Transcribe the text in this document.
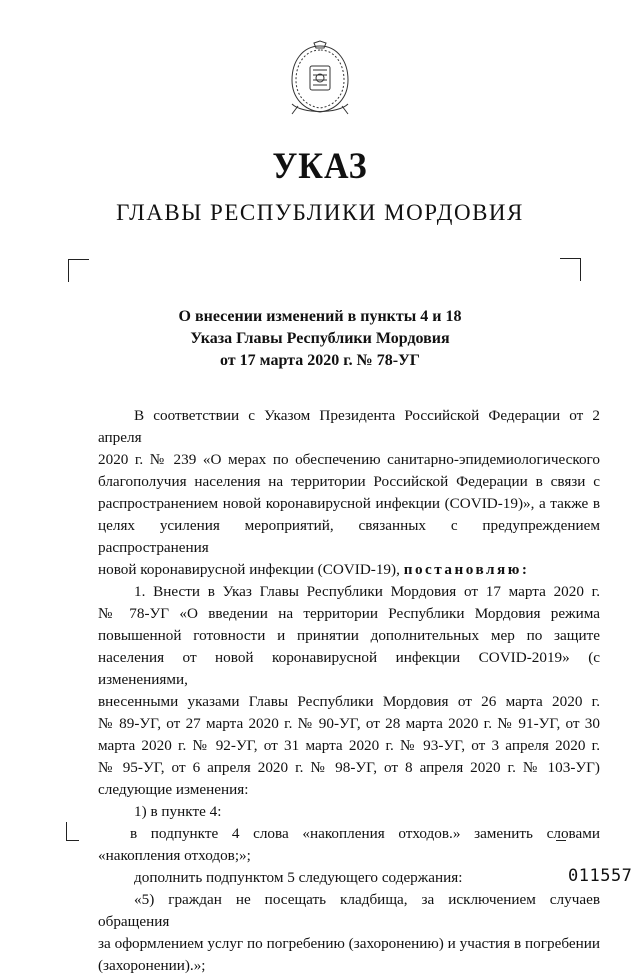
УКАЗ
ГЛАВЫ РЕСПУБЛИКИ МОРДОВИЯ
О внесении изменений в пункты 4 и 18
Указа Главы Республики Мордовия
от 17 марта 2020 г. № 78-УГ

В соответствии с Указом Президента Российской Федерации от 2 апреля

2020 г. № 239 «О мерах по обеспечению санитарно-эпидемиологического

благополучия населения на территории Российской Федерации в связи с

распространением новой коронавирусной инфекции (COVID-19)», а также в

целях усиления мероприятий, связанных с предупреждением распространения

новой коронавирусной инфекции (COVID-19), постановляю:

1. Внести в Указ Главы Республики Мордовия от 17 марта 2020 г.

№ 78-УГ «О введении на территории Республики Мордовия режима

повышенной готовности и принятии дополнительных мер по защите

населения от новой коронавирусной инфекции COVID-2019» (с изменениями,

внесенными указами Главы Республики Мордовия от 26 марта 2020 г.

№ 89-УГ, от 27 марта 2020 г. № 90-УГ, от 28 марта 2020 г. № 91-УГ, от 30

марта 2020 г. № 92-УГ, от 31 марта 2020 г. № 93-УГ, от 3 апреля 2020 г.

№ 95-УГ, от 6 апреля 2020 г. № 98-УГ, от 8 апреля 2020 г. № 103-УГ)

следующие изменения:

1) в пункте 4:

в подпункте 4 слова «накопления отходов.» заменить словами

«накопления отходов;»;

дополнить подпунктом 5 следующего содержания:

«5) граждан не посещать кладбища, за исключением случаев обращения

за оформлением услуг по погребению (захоронению) и участия в погребении

(захоронении).»;

011557
